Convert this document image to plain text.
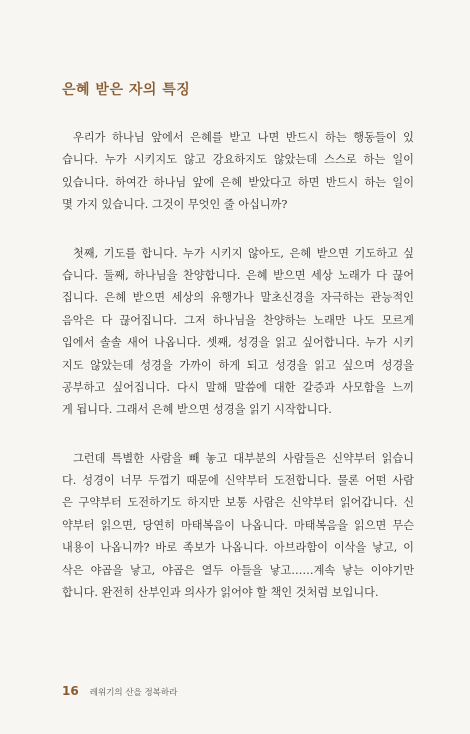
은혜 받은 자의 특징
우리가 하나님 앞에서 은혜를 받고 나면 반드시 하는 행동들이 있
습니다. 누가 시키지도 않고 강요하지도 않았는데 스스로 하는 일이
있습니다. 하여간 하나님 앞에 은혜 받았다고 하면 반드시 하는 일이
몇 가지 있습니다. 그것이 무엇인 줄 아십니까?
첫째, 기도를 합니다. 누가 시키지 않아도, 은혜 받으면 기도하고 싶
습니다. 둘째, 하나님을 찬양합니다. 은혜 받으면 세상 노래가 다 끊어
집니다. 은혜 받으면 세상의 유행가나 말초신경을 자극하는 관능적인
음악은 다 끊어집니다. 그저 하나님을 찬양하는 노래만 나도 모르게
입에서 솔솔 새어 나옵니다. 셋째, 성경을 읽고 싶어합니다. 누가 시키
지도 않았는데 성경을 가까이 하게 되고 성경을 읽고 싶으며 성경을
공부하고 싶어집니다. 다시 말해 말씀에 대한 갈증과 사모함을 느끼
게 됩니다. 그래서 은혜 받으면 성경을 읽기 시작합니다.
그런데 특별한 사람을 빼 놓고 대부분의 사람들은 신약부터 읽습니
다. 성경이 너무 두껍기 때문에 신약부터 도전합니다. 물론 어떤 사람
은 구약부터 도전하기도 하지만 보통 사람은 신약부터 읽어갑니다. 신
약부터 읽으면, 당연히 마태복음이 나옵니다. 마태복음을 읽으면 무슨
내용이 나옵니까? 바로 족보가 나옵니다. 아브라함이 이삭을 낳고, 이
삭은 야곱을 낳고, 야곱은 열두 아들을 낳고……계속 낳는 이야기만
합니다. 완전히 산부인과 의사가 읽어야 할 책인 것처럼 보입니다.
16 레위기의 산을 정복하라
